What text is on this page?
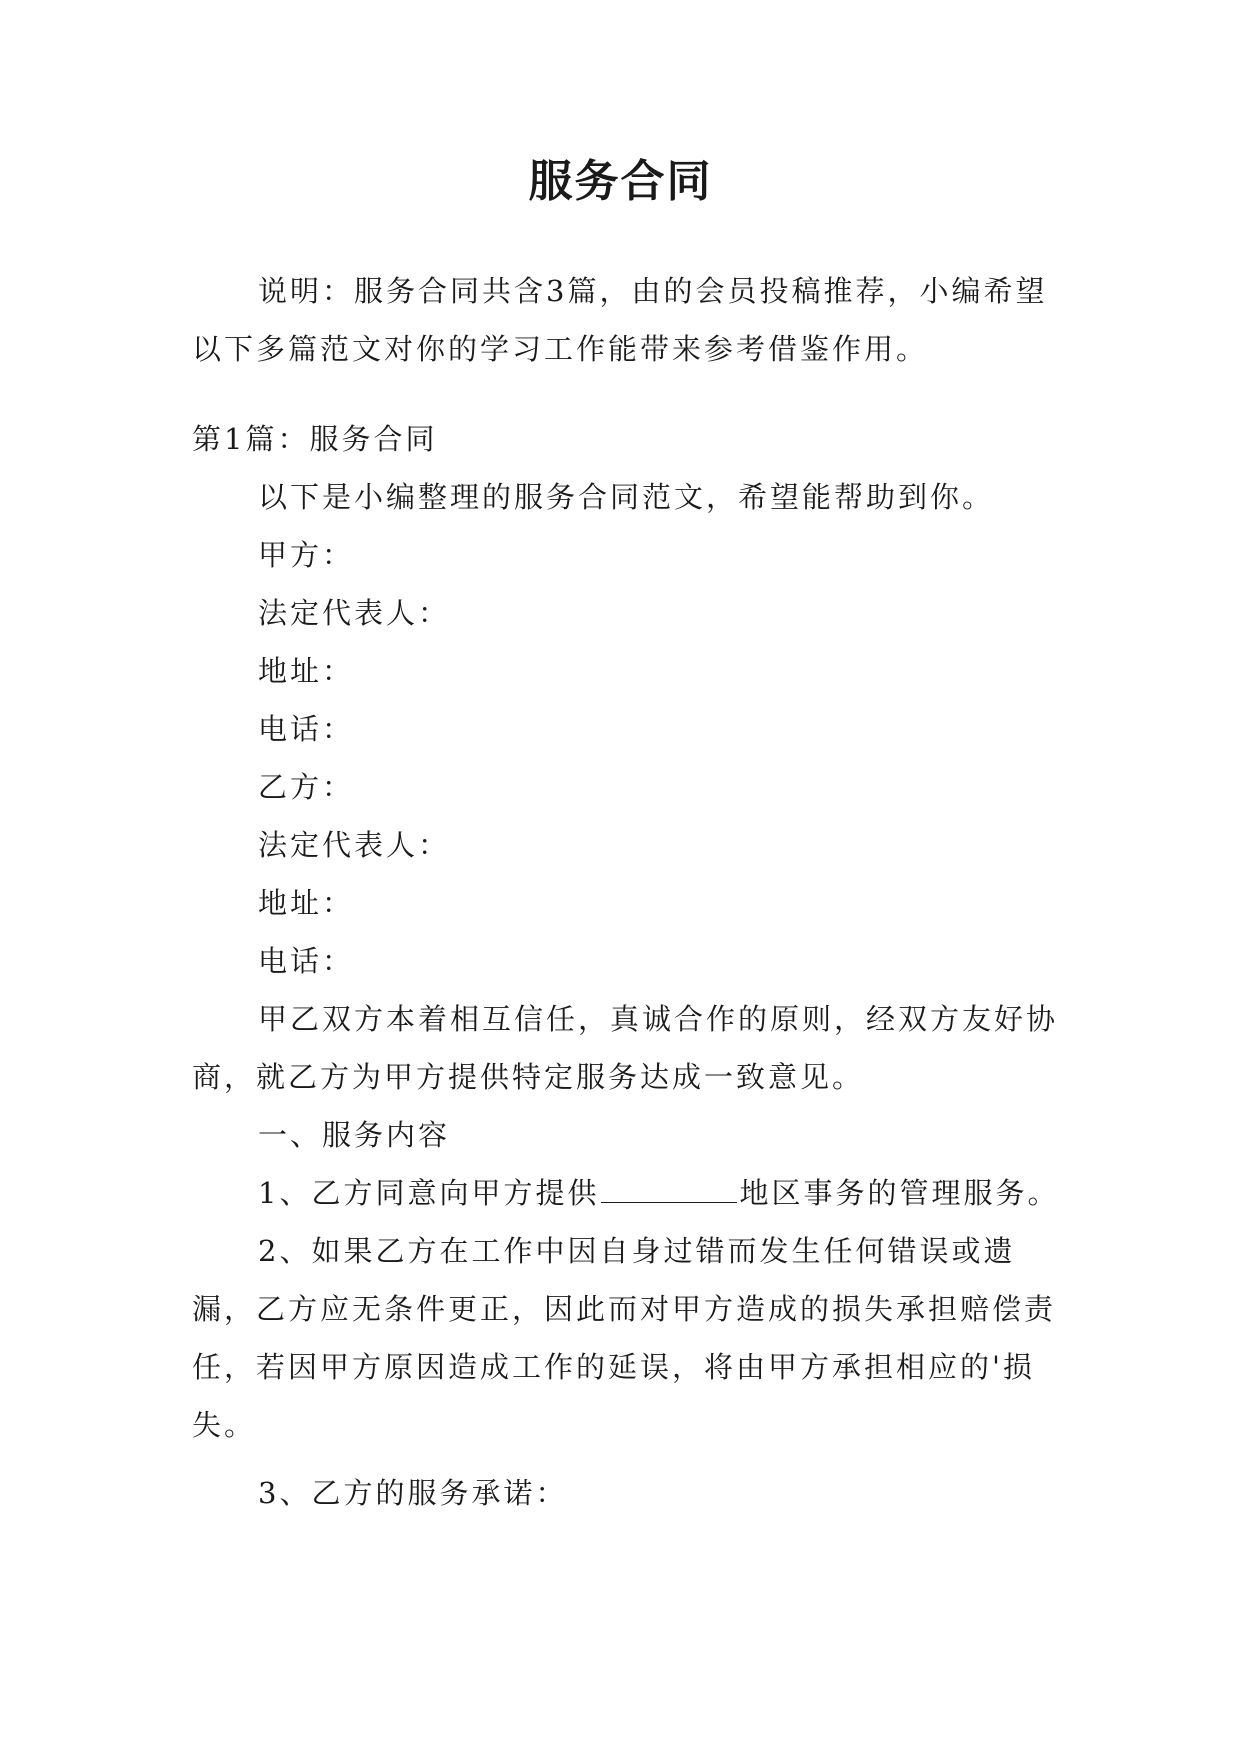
服务合同

说明：服务合同共含3篇，由的会员投稿推荐，小编希望以下多篇范文对你的学习工作能带来参考借鉴作用。

第1篇：服务合同

以下是小编整理的服务合同范文，希望能帮助到你。

甲方：

法定代表人：

地址：

电话：

乙方：

法定代表人：

地址：

电话：

甲乙双方本着相互信任，真诚合作的原则，经双方友好协商，就乙方为甲方提供特定服务达成一致意见。

一、服务内容

1、乙方同意向甲方提供	地区事务的管理服务。

2、如果乙方在工作中因自身过错而发生任何错误或遗漏，乙方应无条件更正，因此而对甲方造成的损失承担赔偿责任，若因甲方原因造成工作的延误，将由甲方承担相应的'损失。

3、乙方的服务承诺：
